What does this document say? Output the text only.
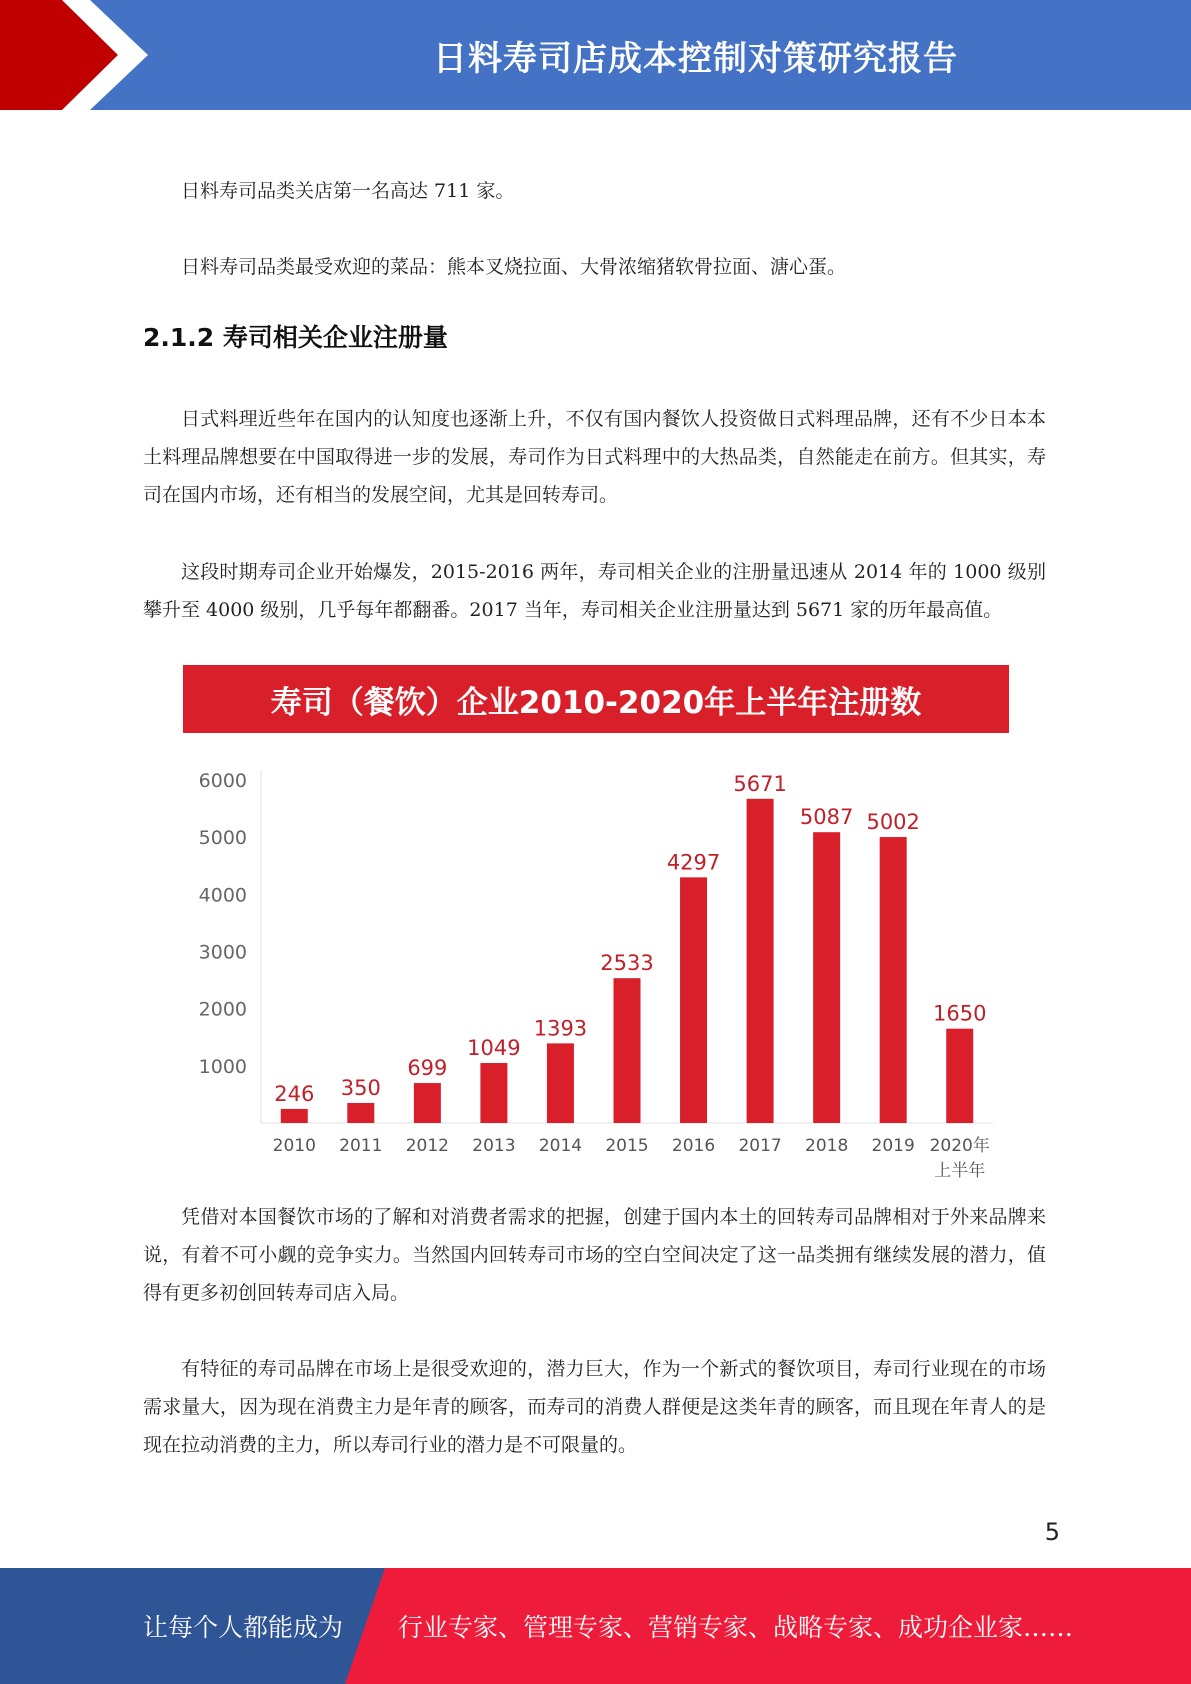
日料寿司店成本控制对策研究报告

日料寿司品类关店第一名高达 711 家。

日料寿司品类最受欢迎的菜品：熊本叉烧拉面、大骨浓缩猪软骨拉面、溏心蛋。

2.1.2 寿司相关企业注册量

日式料理近些年在国内的认知度也逐渐上升，不仅有国内餐饮人投资做日式料理品牌，还有不少日本本土料理品牌想要在中国取得进一步的发展，寿司作为日式料理中的大热品类，自然能走在前方。但其实，寿司在国内市场，还有相当的发展空间，尤其是回转寿司。

这段时期寿司企业开始爆发，2015-2016 两年，寿司相关企业的注册量迅速从 2014 年的 1000 级别攀升至 4000 级别，几乎每年都翻番。2017 当年，寿司相关企业注册量达到 5671 家的历年最高值。

寿司（餐饮）企业2010-2020年上半年注册数
1000
2000
3000
4000
5000
6000
246
2010
350
2011
699
2012
1049
2013
1393
2014
2533
2015
4297
2016
5671
2017
5087
2018
5002
2019
1650
2020年
上半年

凭借对本国餐饮市场的了解和对消费者需求的把握，创建于国内本土的回转寿司品牌相对于外来品牌来说，有着不可小觑的竞争实力。当然国内回转寿司市场的空白空间决定了这一品类拥有继续发展的潜力，值得有更多初创回转寿司店入局。

有特征的寿司品牌在市场上是很受欢迎的，潜力巨大，作为一个新式的餐饮项目，寿司行业现在的市场需求量大，因为现在消费主力是年青的顾客，而寿司的消费人群便是这类年青的顾客，而且现在年青人的是现在拉动消费的主力，所以寿司行业的潜力是不可限量的。

5
让每个人都能成为 行业专家、管理专家、营销专家、战略专家、成功企业家……
